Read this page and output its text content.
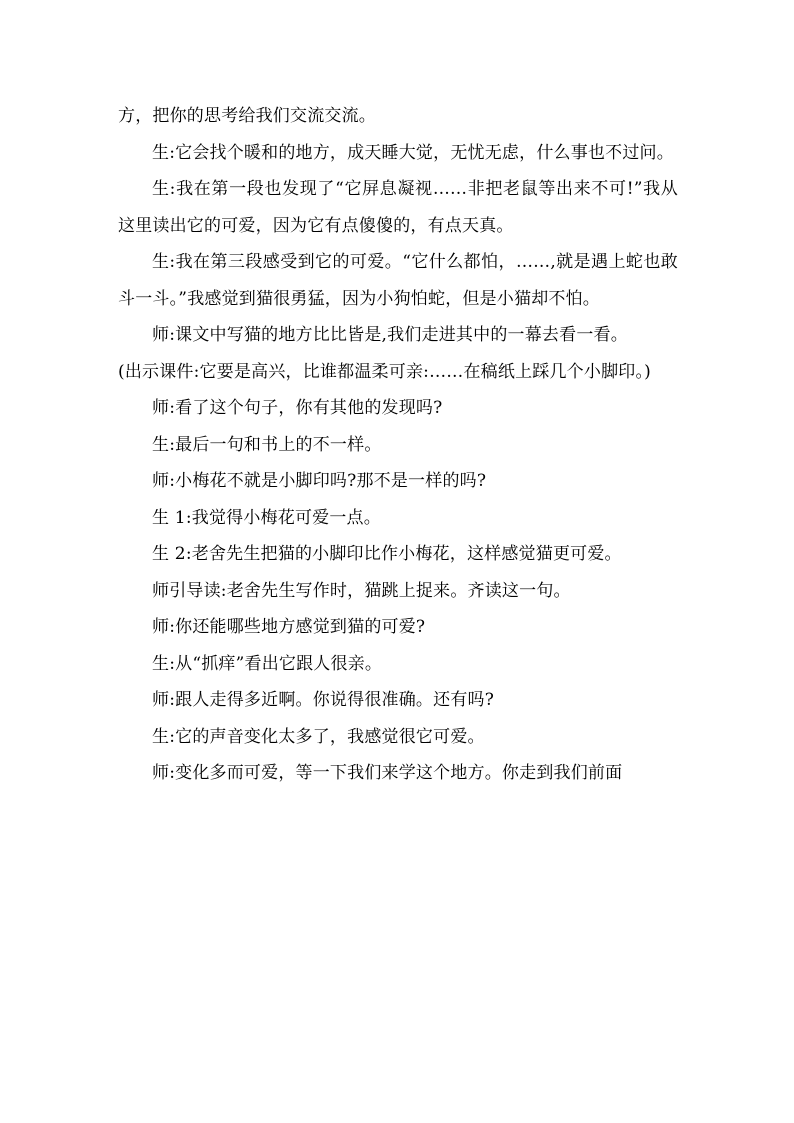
方，把你的思考给我们交流交流。

生:它会找个暖和的地方，成天睡大觉，无忧无虑，什么事也不过问。

生:我在第一段也发现了“它屏息凝视……非把老鼠等出来不可!”我从这里读出它的可爱，因为它有点傻傻的，有点天真。

生:我在第三段感受到它的可爱。“它什么都怕，……,就是遇上蛇也敢斗一斗。”我感觉到猫很勇猛，因为小狗怕蛇，但是小猫却不怕。

师:课文中写猫的地方比比皆是,我们走进其中的一幕去看一看。

(出示课件:它要是高兴，比谁都温柔可亲:……在稿纸上踩几个小脚印。)

师:看了这个句子，你有其他的发现吗?

生:最后一句和书上的不一样。

师:小梅花不就是小脚印吗?那不是一样的吗?

生 1:我觉得小梅花可爱一点。

生 2:老舍先生把猫的小脚印比作小梅花，这样感觉猫更可爱。

师引导读:老舍先生写作时，猫跳上捉来。齐读这一句。

师:你还能哪些地方感觉到猫的可爱?

生:从“抓痒”看出它跟人很亲。

师:跟人走得多近啊。你说得很准确。还有吗?

生:它的声音变化太多了，我感觉很它可爱。

师:变化多而可爱，等一下我们来学这个地方。你走到我们前面
